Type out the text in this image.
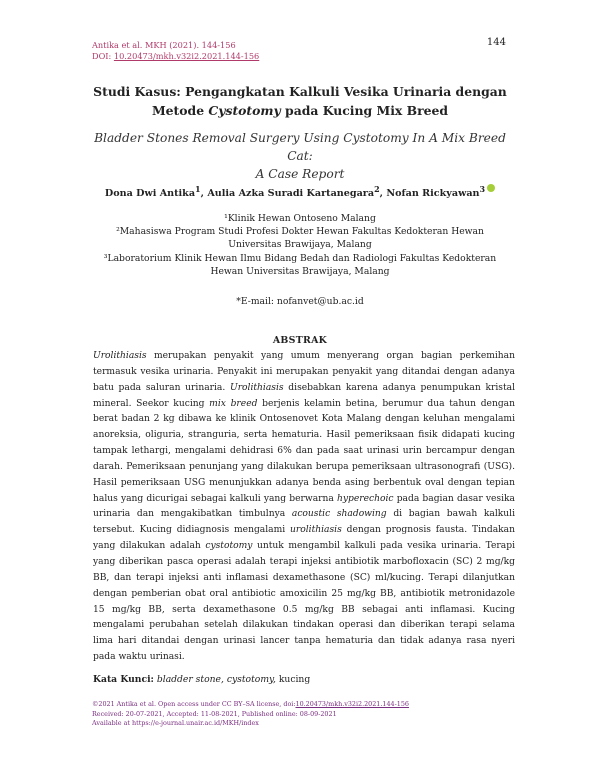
Antika et al. MKH (2021). 144-156
DOI: 10.20473/mkh.v32i2.2021.144-156
144
Studi Kasus: Pengangkatan Kalkuli Vesika Urinaria dengan
Metode Cystotomy pada Kucing Mix Breed
Bladder Stones Removal Surgery Using Cystotomy In A Mix Breed Cat:
A Case Report
Dona Dwi Antika$^1$, Aulia Azka Suradi Kartanegara$^2$, Nofan Rickyawan$^3$
¹Klinik Hewan Ontoseno Malang
²Mahasiswa Program Studi Profesi Dokter Hewan Fakultas Kedokteran Hewan
Universitas Brawijaya, Malang
³Laboratorium Klinik Hewan Ilmu Bidang Bedah dan Radiologi Fakultas Kedokteran
Hewan Universitas Brawijaya, Malang
*E-mail: nofanvet@ub.ac.id
ABSTRAK
Urolithiasis merupakan penyakit yang umum menyerang organ bagian perkemihan termasuk vesika urinaria. Penyakit ini merupakan penyakit yang ditandai dengan adanya batu pada saluran urinaria. Urolithiasis disebabkan karena adanya penumpukan kristal mineral. Seekor kucing mix breed berjenis kelamin betina, berumur dua tahun dengan berat badan 2 kg dibawa ke klinik Ontosenovet Kota Malang dengan keluhan mengalami anoreksia, oliguria, stranguria, serta hematuria. Hasil pemeriksaan fisik didapati kucing tampak lethargi, mengalami dehidrasi 6% dan pada saat urinasi urin bercampur dengan darah. Pemeriksaan penunjang yang dilakukan berupa pemeriksaan ultrasonografi (USG). Hasil pemeriksaan USG menunjukkan adanya benda asing berbentuk oval dengan tepian halus yang dicurigai sebagai kalkuli yang berwarna hyperechoic pada bagian dasar vesika urinaria dan mengakibatkan timbulnya acoustic shadowing di bagian bawah kalkuli tersebut. Kucing didiagnosis mengalami urolithiasis dengan prognosis fausta. Tindakan yang dilakukan adalah cystotomy untuk mengambil kalkuli pada vesika urinaria. Terapi yang diberikan pasca operasi adalah terapi injeksi antibiotik marbofloxacin (SC) 2 mg/kg BB, dan terapi injeksi anti inflamasi dexamethasone (SC) ml/kucing. Terapi dilanjutkan dengan pemberian obat oral antibiotic amoxicilin 25 mg/kg BB, antibiotik metronidazole 15 mg/kg BB, serta dexamethasone 0.5 mg/kg BB sebagai anti inflamasi. Kucing mengalami perubahan setelah dilakukan tindakan operasi dan diberikan terapi selama lima hari ditandai dengan urinasi lancer tanpa hematuria dan tidak adanya rasa nyeri pada waktu urinasi.
Kata Kunci: bladder stone, cystotomy, kucing
©2021 Antika et al. Open access under CC BY–SA license, doi:10.20473/mkh.v32i2.2021.144-156
Received: 20-07-2021, Accepted: 11-08-2021, Published online: 08-09-2021
Available at https://e-journal.unair.ac.id/MKH/index
